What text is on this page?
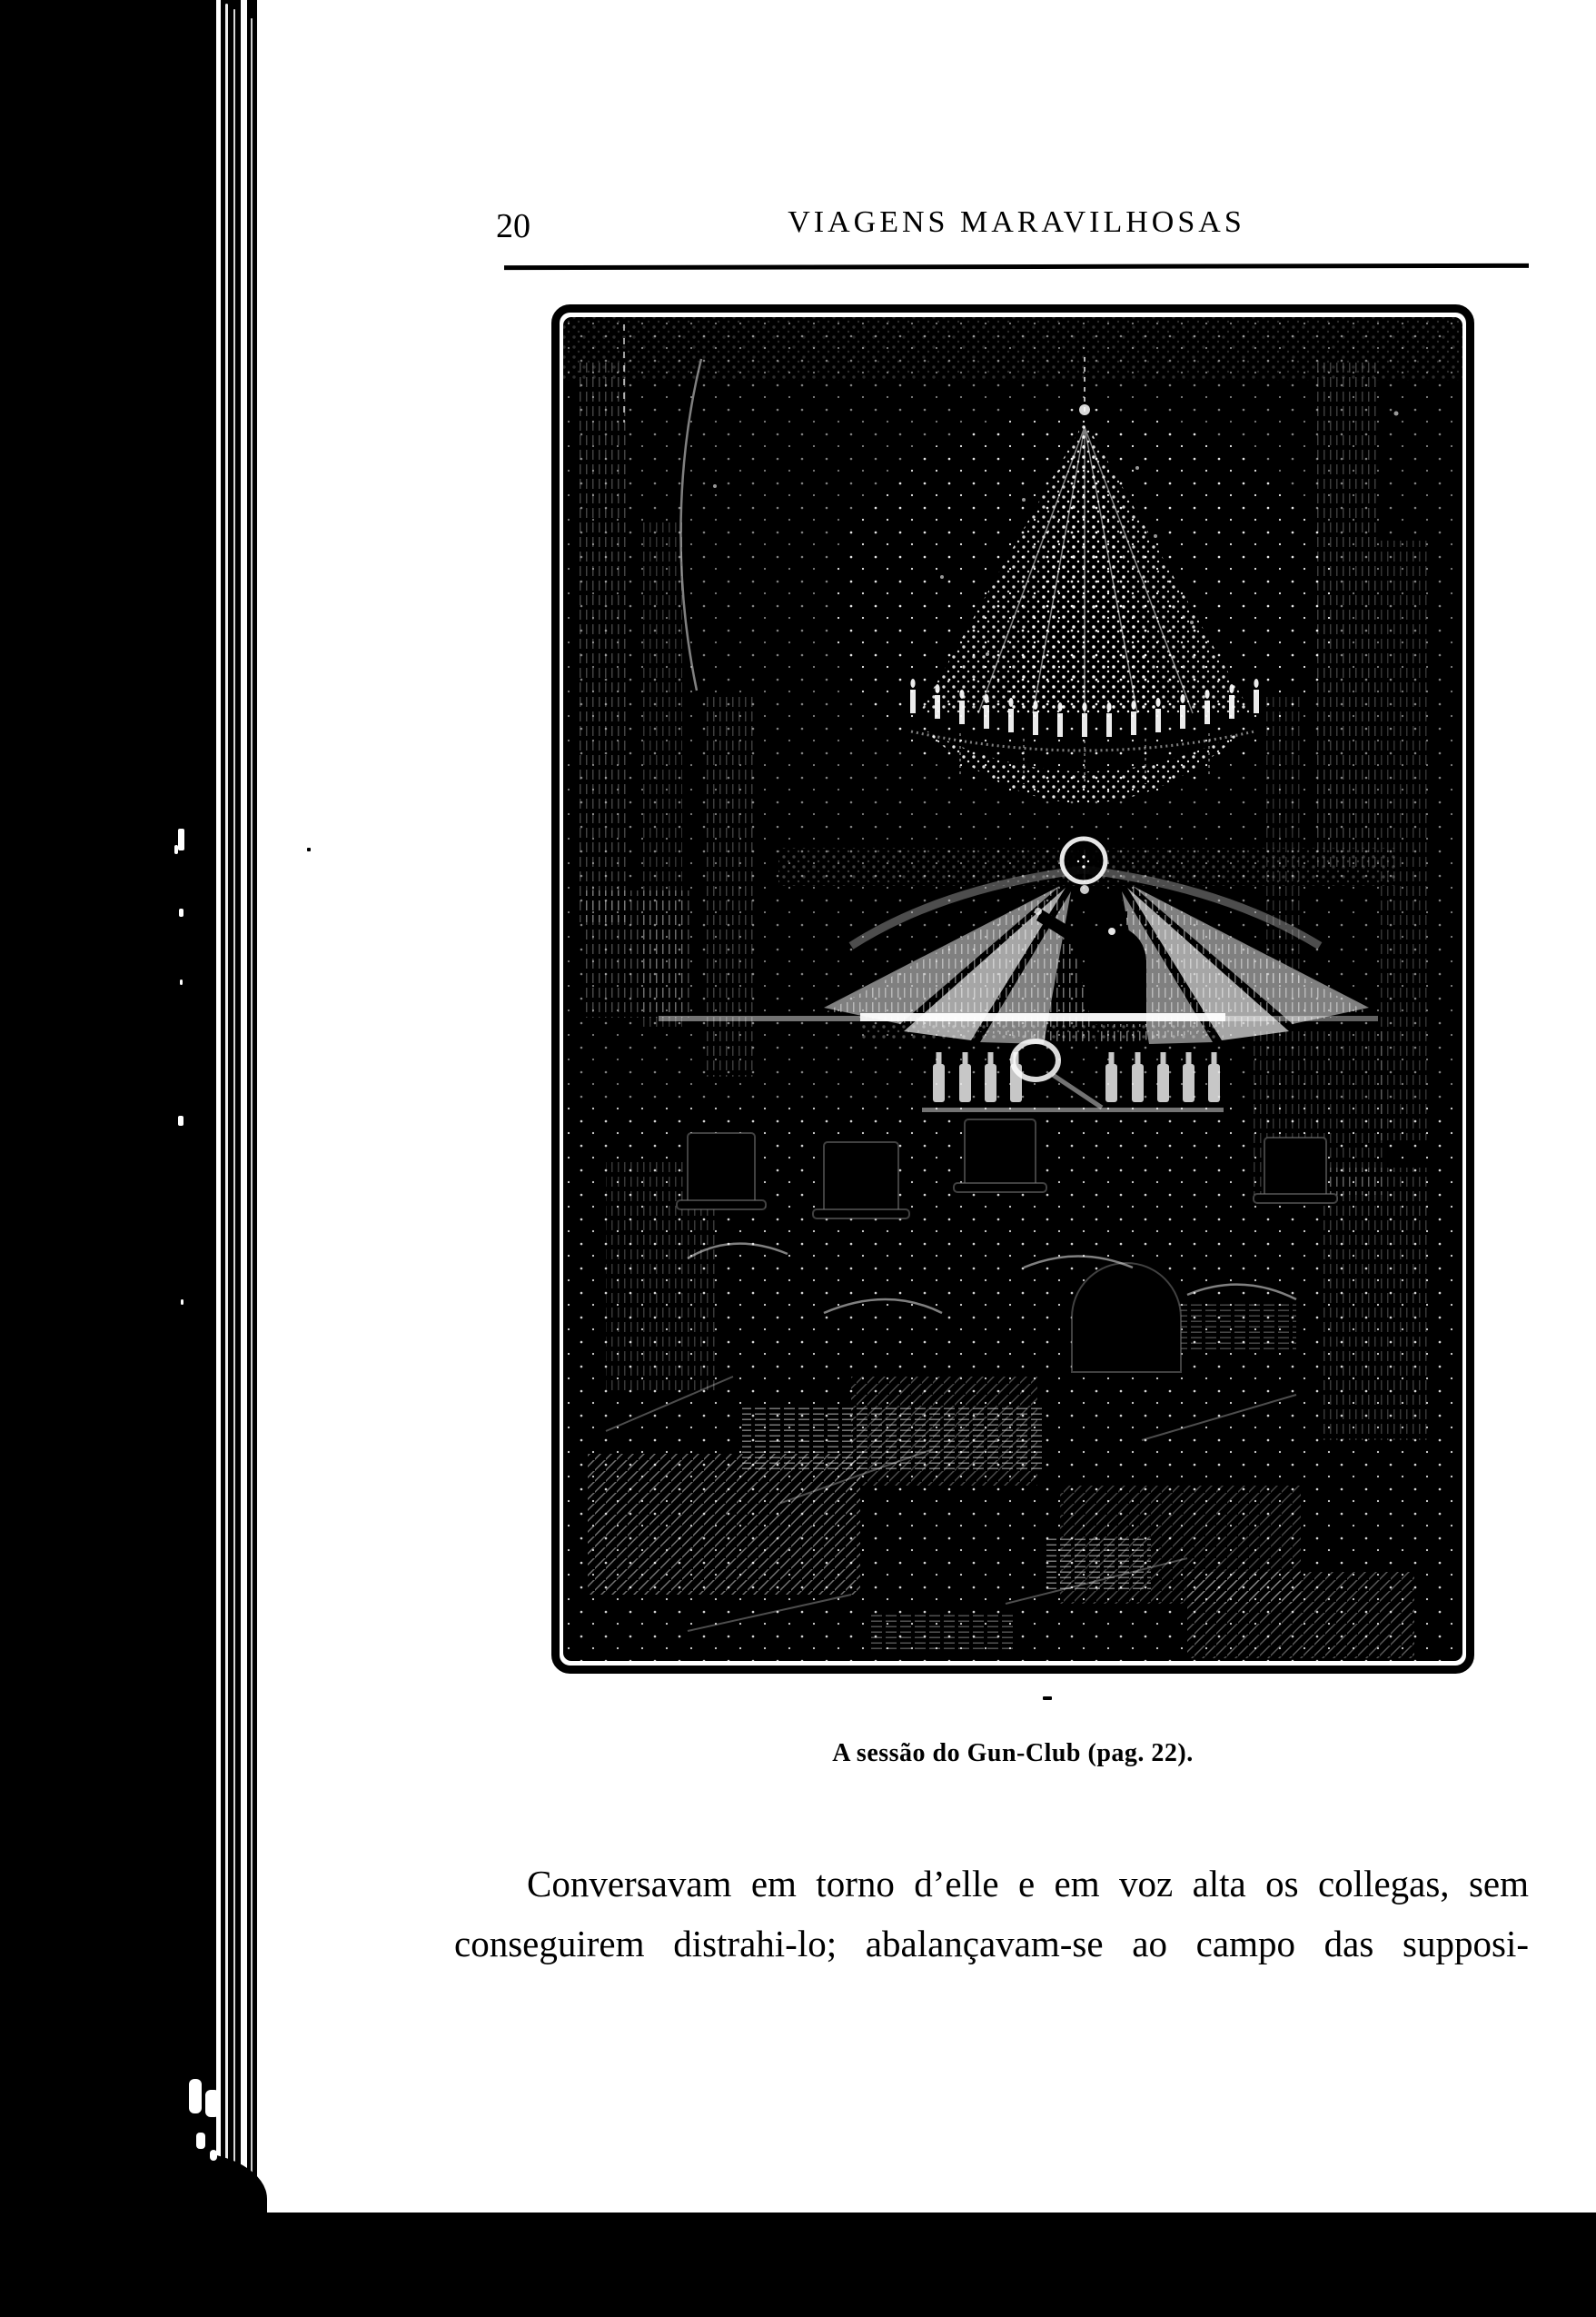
20	VIAGENS MARAVILHOSAS
A sessão do Gun-Club (pag. 22).
Conversavam em torno d’elle e em voz alta os collegas, sem
conseguirem distrahi-lo; abalançavam-se ao campo das supposi-
